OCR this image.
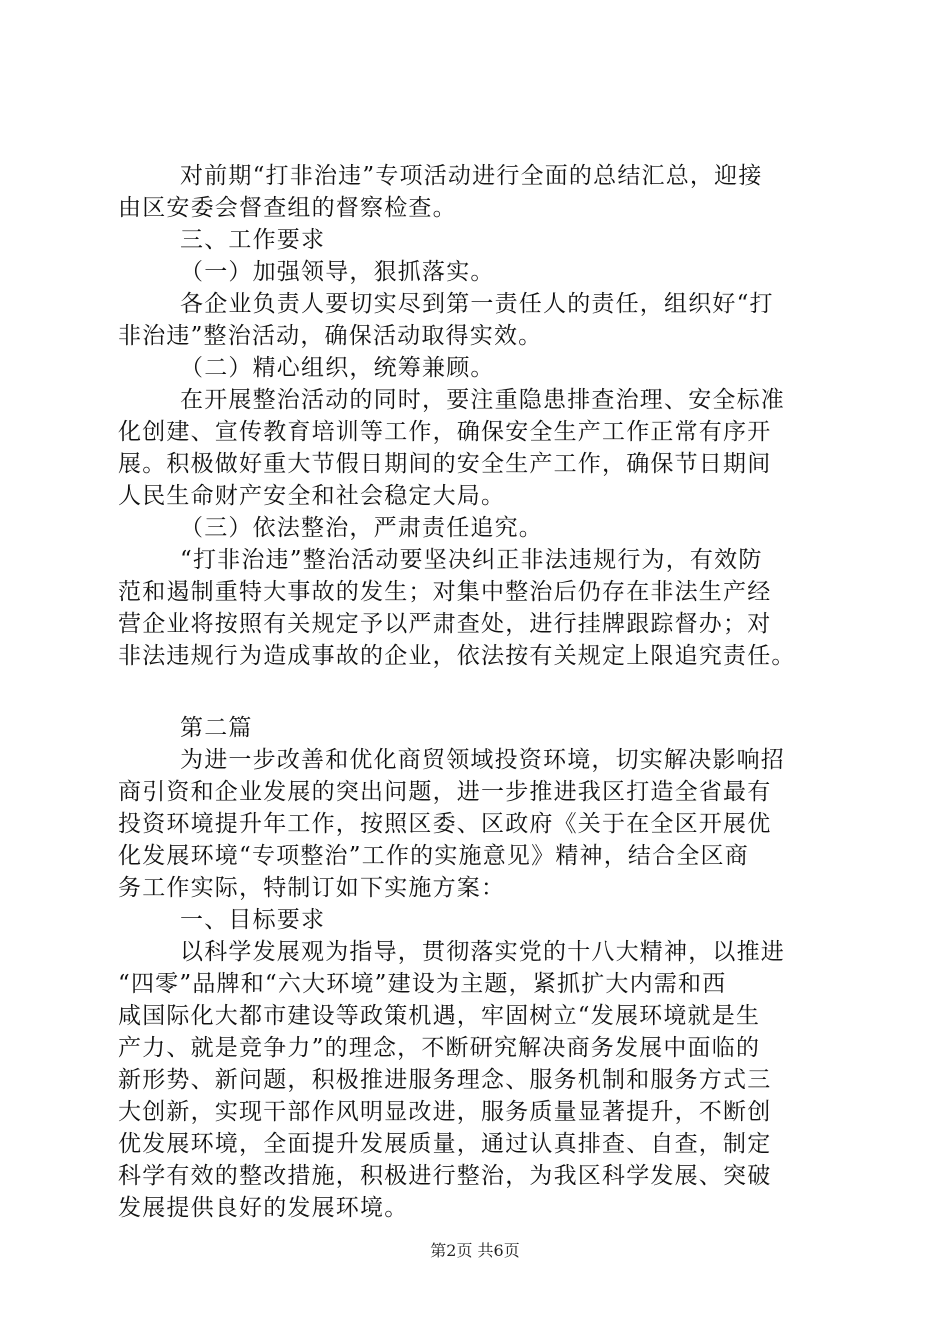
对前期“打非治违”专项活动进行全面的总结汇总，迎接
由区安委会督查组的督察检查。
三、工作要求
（一）加强领导，狠抓落实。
各企业负责人要切实尽到第一责任人的责任，组织好“打
非治违”整治活动，确保活动取得实效。
（二）精心组织，统筹兼顾。
在开展整治活动的同时，要注重隐患排查治理、安全标准
化创建、宣传教育培训等工作，确保安全生产工作正常有序开
展。积极做好重大节假日期间的安全生产工作，确保节日期间
人民生命财产安全和社会稳定大局。
（三）依法整治，严肃责任追究。
“打非治违”整治活动要坚决纠正非法违规行为，有效防
范和遏制重特大事故的发生；对集中整治后仍存在非法生产经
营企业将按照有关规定予以严肃查处，进行挂牌跟踪督办；对
非法违规行为造成事故的企业，依法按有关规定上限追究责任。
第二篇
为进一步改善和优化商贸领域投资环境，切实解决影响招
商引资和企业发展的突出问题，进一步推进我区打造全省最有
投资环境提升年工作，按照区委、区政府《关于在全区开展优
化发展环境“专项整治”工作的实施意见》精神，结合全区商
务工作实际，特制订如下实施方案：
一、目标要求
以科学发展观为指导，贯彻落实党的十八大精神，以推进
“四零”品牌和“六大环境”建设为主题，紧抓扩大内需和西
咸国际化大都市建设等政策机遇，牢固树立“发展环境就是生
产力、就是竞争力”的理念，不断研究解决商务发展中面临的
新形势、新问题，积极推进服务理念、服务机制和服务方式三
大创新，实现干部作风明显改进，服务质量显著提升，不断创
优发展环境，全面提升发展质量，通过认真排查、自查，制定
科学有效的整改措施，积极进行整治，为我区科学发展、突破
发展提供良好的发展环境。
第2页 共6页
